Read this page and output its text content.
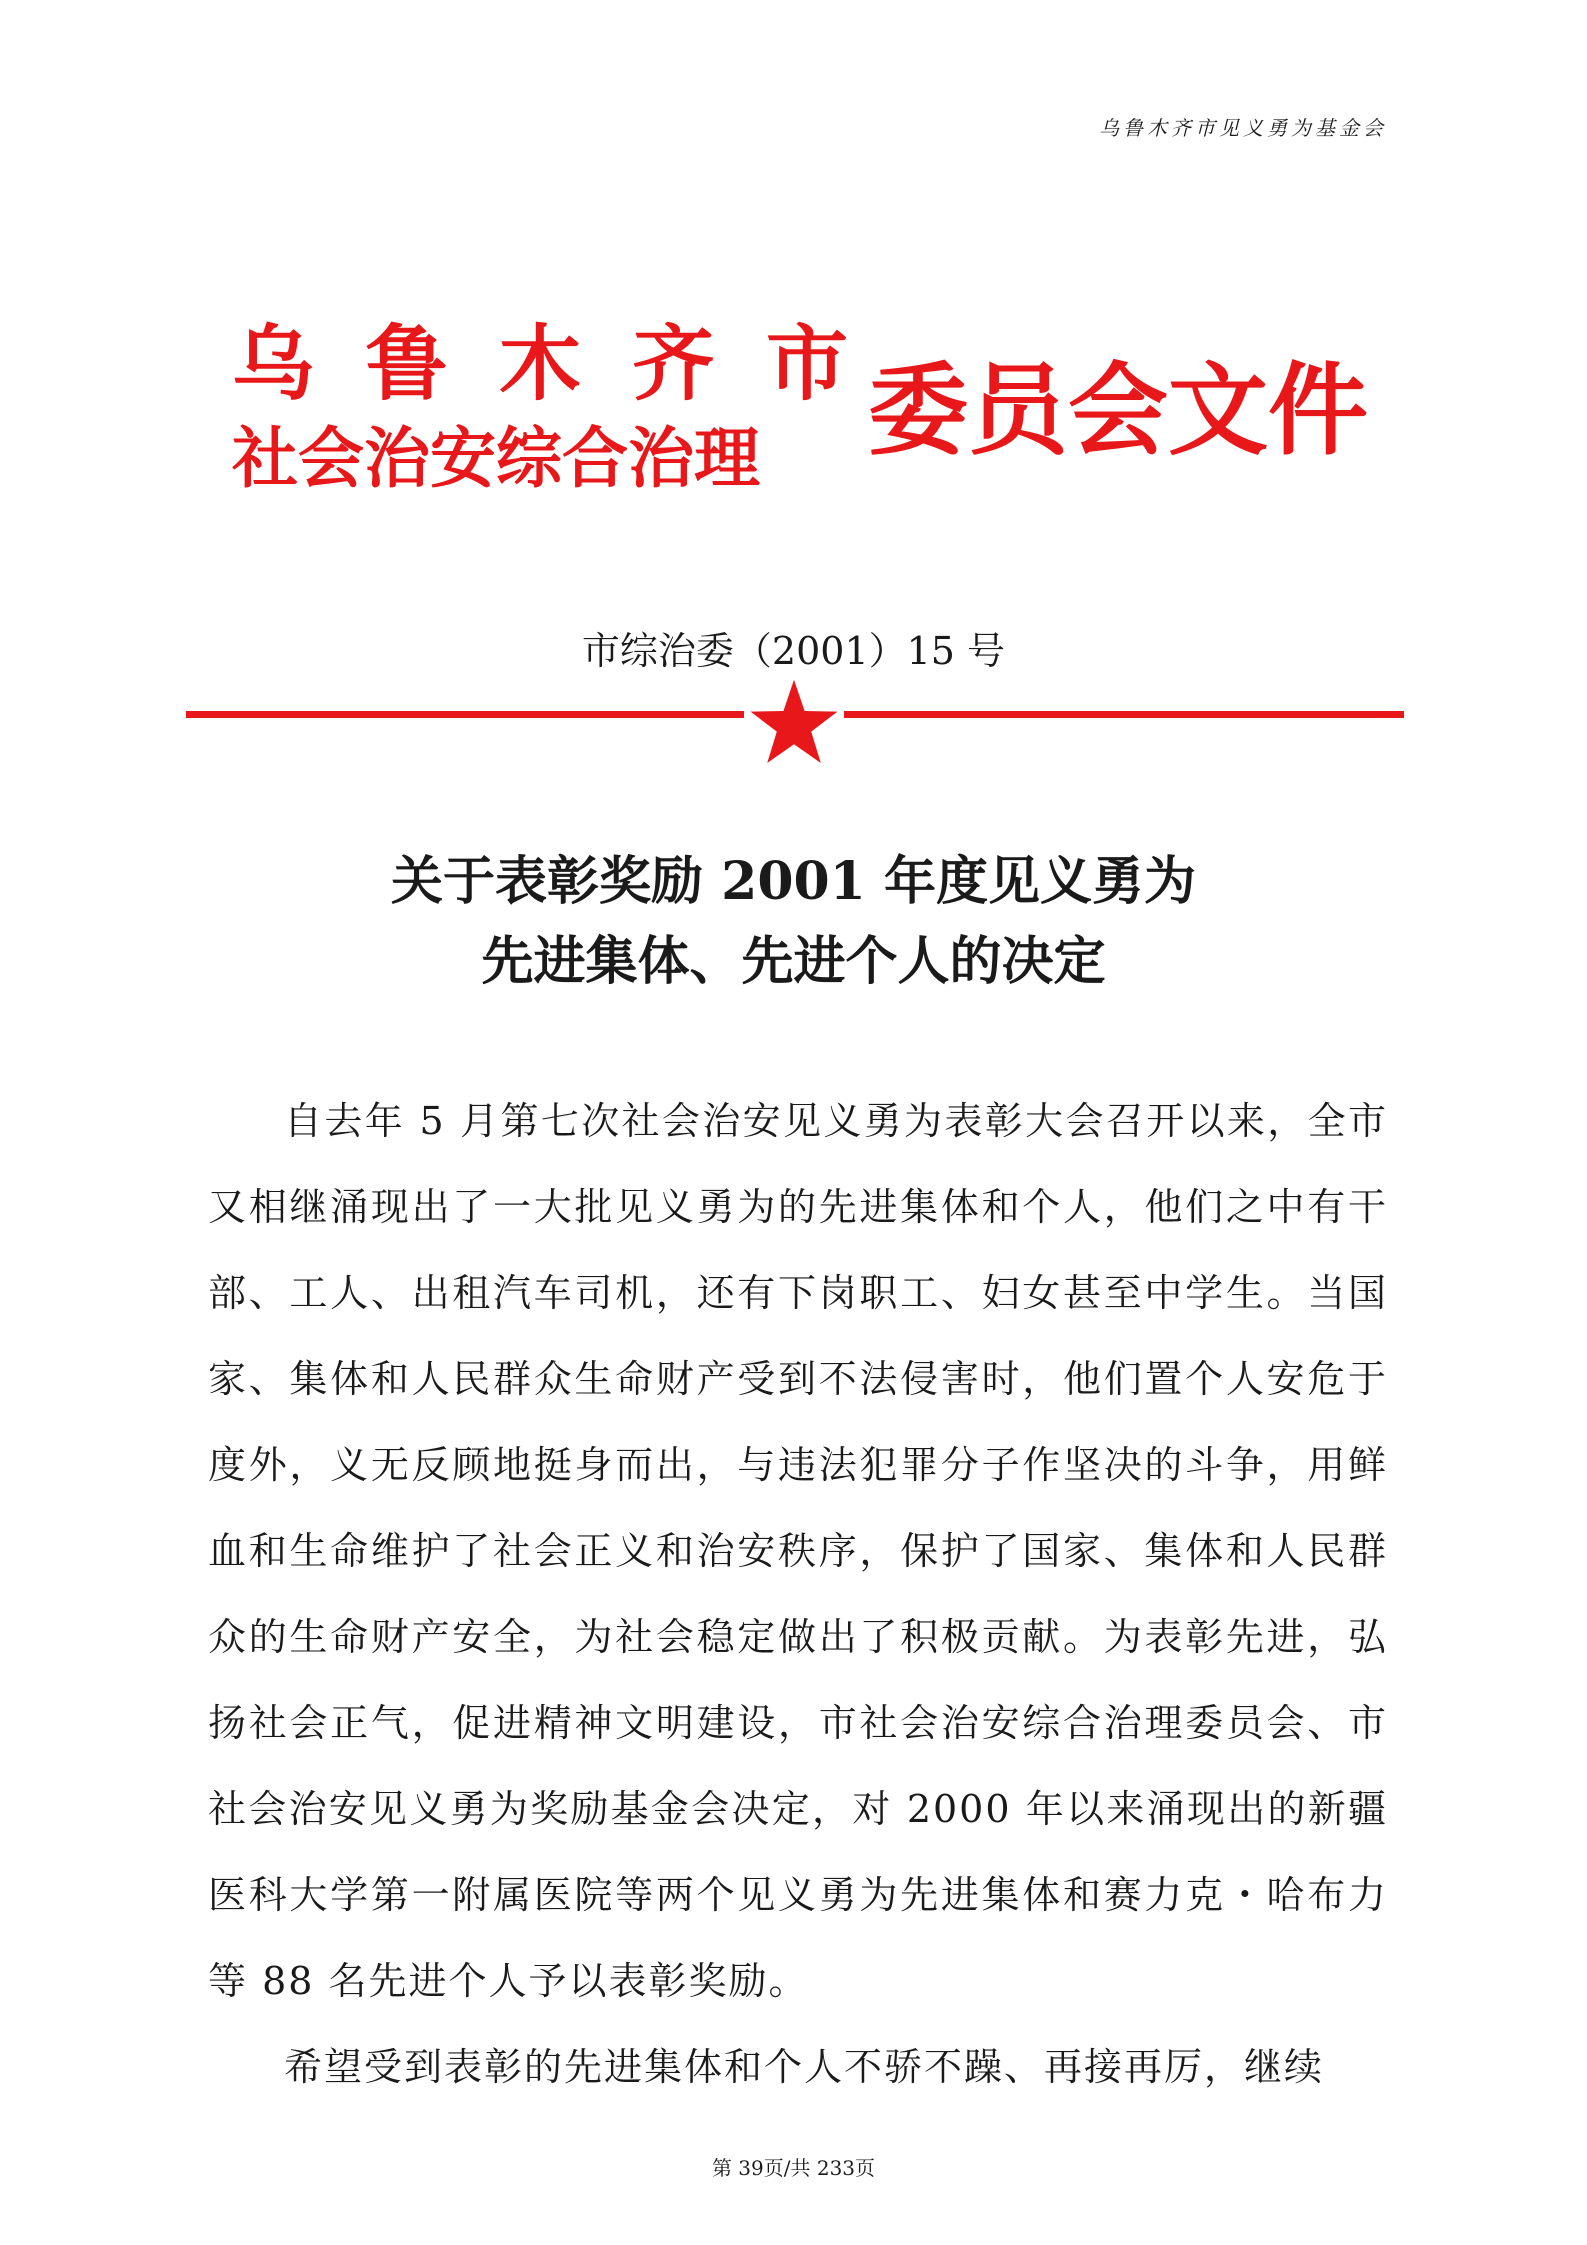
乌鲁木齐市见义勇为基金会
乌 鲁 木 齐 市
社会治安综合治理	委员会文件
市综治委（2001）15 号
关于表彰奖励 2001 年度见义勇为
先进集体、先进个人的决定

自去年 5 月第七次社会治安见义勇为表彰大会召开以来，全市又相继涌现出了一大批见义勇为的先进集体和个人，他们之中有干部、工人、出租汽车司机，还有下岗职工、妇女甚至中学生。当国家、集体和人民群众生命财产受到不法侵害时，他们置个人安危于度外，义无反顾地挺身而出，与违法犯罪分子作坚决的斗争，用鲜血和生命维护了社会正义和治安秩序，保护了国家、集体和人民群众的生命财产安全，为社会稳定做出了积极贡献。为表彰先进，弘扬社会正气，促进精神文明建设，市社会治安综合治理委员会、市社会治安见义勇为奖励基金会决定，对 2000 年以来涌现出的新疆医科大学第一附属医院等两个见义勇为先进集体和赛力克・哈布力等 88 名先进个人予以表彰奖励。

希望受到表彰的先进集体和个人不骄不躁、再接再厉，继续

第 39页/共 233页
